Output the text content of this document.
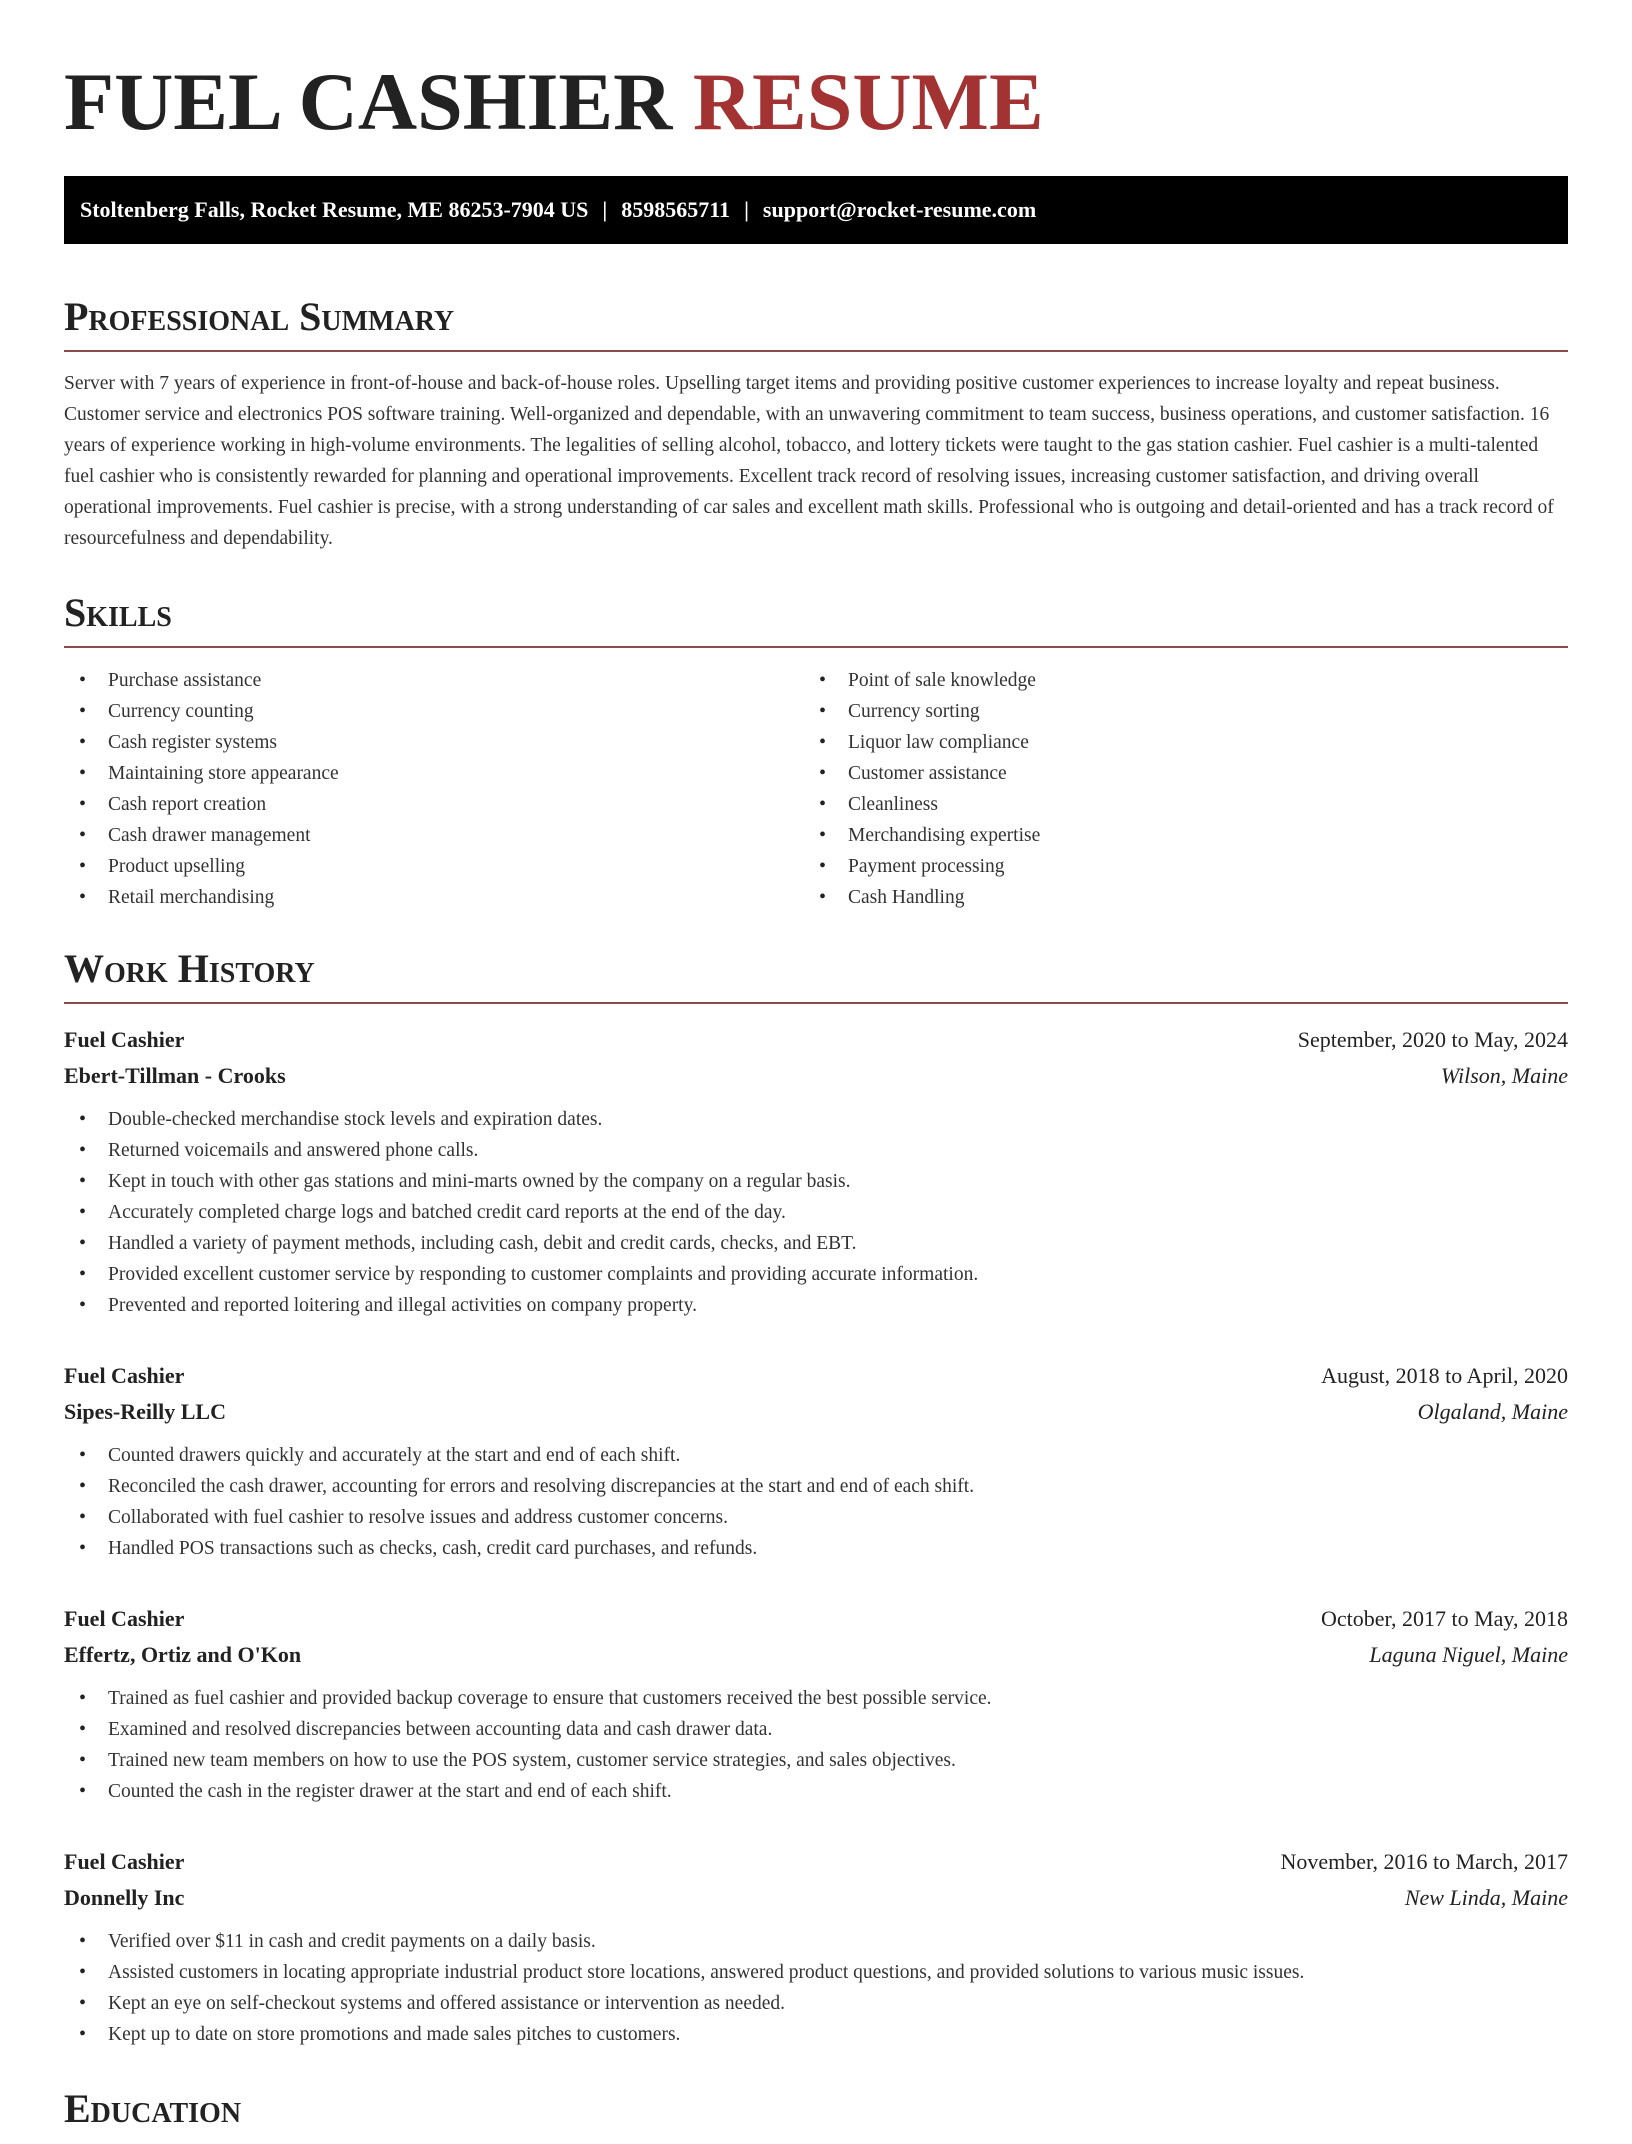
FUEL CASHIER RESUME
Stoltenberg Falls, Rocket Resume, ME 86253-7904 US | 8598565711 | support@rocket-resume.com
Professional Summary

Server with 7 years of experience in front-of-house and back-of-house roles. Upselling target items and providing positive customer experiences to increase loyalty and repeat business. Customer service and electronics POS software training. Well-organized and dependable, with an unwavering commitment to team success, business operations, and customer satisfaction. 16 years of experience working in high-volume environments. The legalities of selling alcohol, tobacco, and lottery tickets were taught to the gas station cashier. Fuel cashier is a multi-talented fuel cashier who is consistently rewarded for planning and operational improvements. Excellent track record of resolving issues, increasing customer satisfaction, and driving overall operational improvements. Fuel cashier is precise, with a strong understanding of car sales and excellent math skills. Professional who is outgoing and detail-oriented and has a track record of resourcefulness and dependability.

Skills
• Purchase assistance
• Currency counting
• Cash register systems
• Maintaining store appearance
• Cash report creation
• Cash drawer management
• Product upselling
• Retail merchandising
• Point of sale knowledge
• Currency sorting
• Liquor law compliance
• Customer assistance
• Cleanliness
• Merchandising expertise
• Payment processing
• Cash Handling
Work History
Fuel Cashier	September, 2020 to May, 2024
Ebert-Tillman - Crooks	Wilson, Maine
• Double-checked merchandise stock levels and expiration dates.
• Returned voicemails and answered phone calls.
• Kept in touch with other gas stations and mini-marts owned by the company on a regular basis.
• Accurately completed charge logs and batched credit card reports at the end of the day.
• Handled a variety of payment methods, including cash, debit and credit cards, checks, and EBT.
• Provided excellent customer service by responding to customer complaints and providing accurate information.
• Prevented and reported loitering and illegal activities on company property.
Fuel Cashier	August, 2018 to April, 2020
Sipes-Reilly LLC	Olgaland, Maine
• Counted drawers quickly and accurately at the start and end of each shift.
• Reconciled the cash drawer, accounting for errors and resolving discrepancies at the start and end of each shift.
• Collaborated with fuel cashier to resolve issues and address customer concerns.
• Handled POS transactions such as checks, cash, credit card purchases, and refunds.
Fuel Cashier	October, 2017 to May, 2018
Effertz, Ortiz and O'Kon	Laguna Niguel, Maine
• Trained as fuel cashier and provided backup coverage to ensure that customers received the best possible service.
• Examined and resolved discrepancies between accounting data and cash drawer data.
• Trained new team members on how to use the POS system, customer service strategies, and sales objectives.
• Counted the cash in the register drawer at the start and end of each shift.
Fuel Cashier	November, 2016 to March, 2017
Donnelly Inc	New Linda, Maine
• Verified over $11 in cash and credit payments on a daily basis.
• Assisted customers in locating appropriate industrial product store locations, answered product questions, and provided solutions to various music issues.
• Kept an eye on self-checkout systems and offered assistance or intervention as needed.
• Kept up to date on store promotions and made sales pitches to customers.
Education
